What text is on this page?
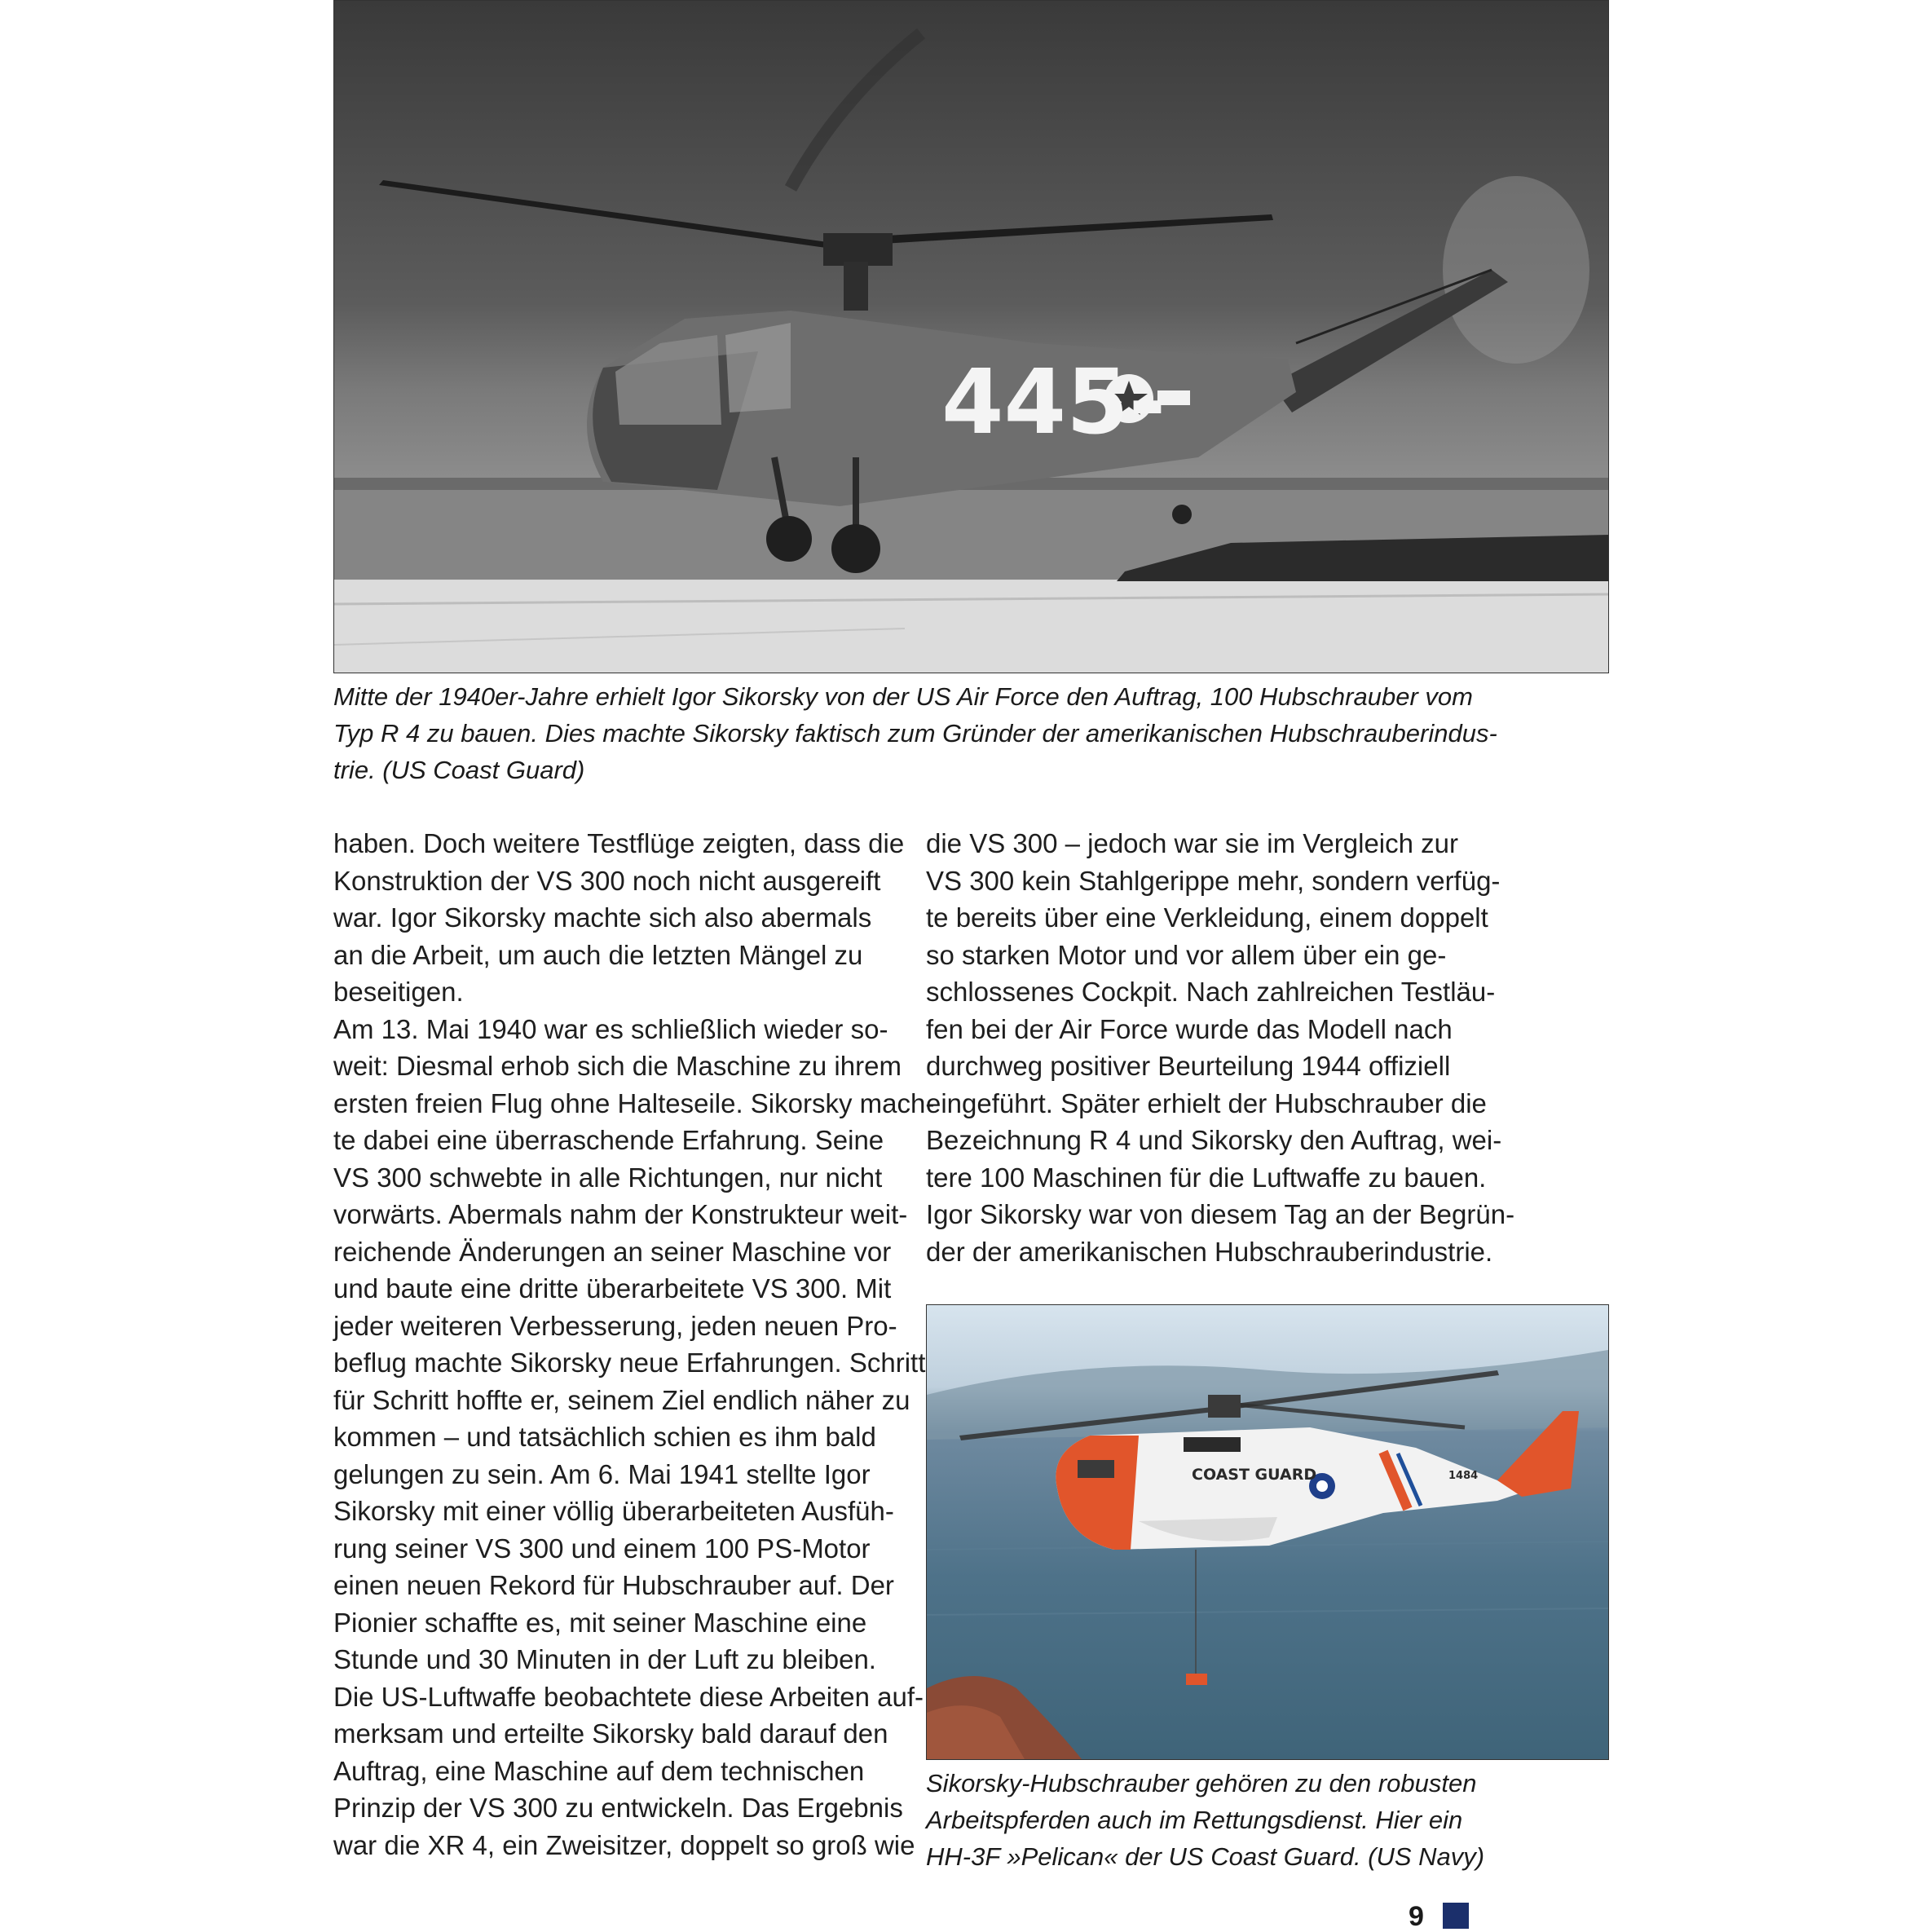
445-

Mitte der 1940er-Jahre erhielt Igor Sikorsky von der US Air Force den Auftrag, 100 Hubschrauber vom
Typ R 4 zu bauen. Dies machte Sikorsky faktisch zum Gründer der amerikanischen Hubschrauberindus-
trie. (US Coast Guard)

haben. Doch weitere Testflüge zeigten, dass die
Konstruktion der VS 300 noch nicht ausgereift
war. Igor Sikorsky machte sich also abermals
an die Arbeit, um auch die letzten Mängel zu
beseitigen.
Am 13. Mai 1940 war es schließlich wieder so-
weit: Diesmal erhob sich die Maschine zu ihrem
ersten freien Flug ohne Halteseile. Sikorsky mach-
te dabei eine überraschende Erfahrung. Seine
VS 300 schwebte in alle Richtungen, nur nicht
vorwärts. Abermals nahm der Konstrukteur weit-
reichende Änderungen an seiner Maschine vor
und baute eine dritte überarbeitete VS 300. Mit
jeder weiteren Verbesserung, jeden neuen Pro-
beflug machte Sikorsky neue Erfahrungen. Schritt
für Schritt hoffte er, seinem Ziel endlich näher zu
kommen – und tatsächlich schien es ihm bald
gelungen zu sein. Am 6. Mai 1941 stellte Igor
Sikorsky mit einer völlig überarbeiteten Ausfüh-
rung seiner VS 300 und einem 100 PS-Motor
einen neuen Rekord für Hubschrauber auf. Der
Pionier schaffte es, mit seiner Maschine eine
Stunde und 30 Minuten in der Luft zu bleiben.
Die US-Luftwaffe beobachtete diese Arbeiten auf-
merksam und erteilte Sikorsky bald darauf den
Auftrag, eine Maschine auf dem technischen
Prinzip der VS 300 zu entwickeln. Das Ergebnis
war die XR 4, ein Zweisitzer, doppelt so groß wie
die VS 300 – jedoch war sie im Vergleich zur
VS 300 kein Stahlgerippe mehr, sondern verfüg-
te bereits über eine Verkleidung, einem doppelt
so starken Motor und vor allem über ein ge-
schlossenes Cockpit. Nach zahlreichen Testläu-
fen bei der Air Force wurde das Modell nach
durchweg positiver Beurteilung 1944 offiziell
eingeführt. Später erhielt der Hubschrauber die
Bezeichnung R 4 und Sikorsky den Auftrag, wei-
tere 100 Maschinen für die Luftwaffe zu bauen.
Igor Sikorsky war von diesem Tag an der Begrün-
der der amerikanischen Hubschrauberindustrie.
COAST GUARD	1484

Sikorsky-Hubschrauber gehören zu den robusten
Arbeitspferden auch im Rettungsdienst. Hier ein
HH-3F »Pelican« der US Coast Guard. (US Navy)

9
